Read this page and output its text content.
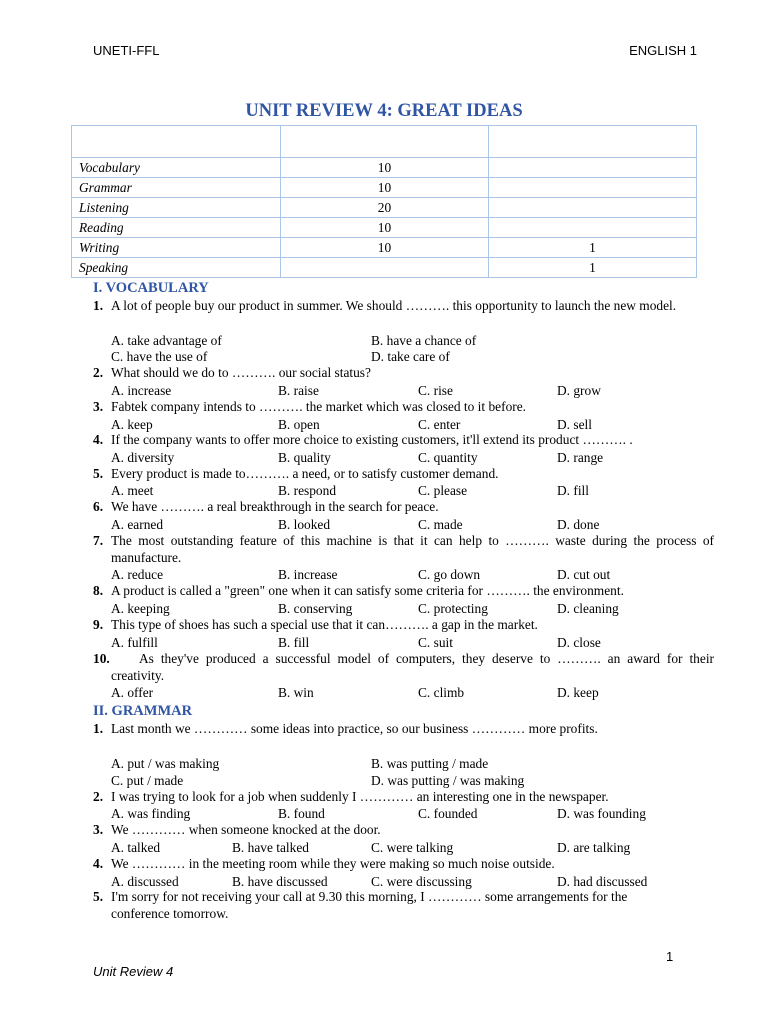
UNETI-FFL	ENGLISH 1
UNIT REVIEW 4: GREAT IDEAS

Vocabulary	10	
Grammar	10	
Listening	20	
Reading	10	
Writing	10	1
Speaking		1
I. VOCABULARY
1. A lot of people buy our product in summer. We should ………. this opportunity to launch the new model.
A. take advantage of	B. have a chance of
C. have the use of	D. take care of
2. What should we do to ………. our social status?
A. increase	B. raise	C. rise	D. grow
3. Fabtek company intends to ………. the market which was closed to it before.
A. keep	B. open	C. enter	D. sell
4. If the company wants to offer more choice to existing customers, it'll extend its product ………. .
A. diversity	B. quality	C. quantity	D. range
5. Every product is made to………. a need, or to satisfy customer demand.
A. meet	B. respond	C. please	D. fill
6. We have ………. a real breakthrough in the search for peace.
A. earned	B. looked	C. made	D. done
7. The most outstanding feature of this machine is that it can help to ………. waste during the process of manufacture.
A. reduce	B. increase	C. go down	D. cut out
8. A product is called a "green" one when it can satisfy some criteria for ………. the environment.
A. keeping	B. conserving	C. protecting	D. cleaning
9. This type of shoes has such a special use that it can………. a gap in the market.
A. fulfill	B. fill	C. suit	D. close
10.	As they've produced a successful model of computers, they deserve to ………. an award for their creativity.
A. offer	B. win	C. climb	D. keep
II. GRAMMAR
1. Last month we ………… some ideas into practice, so our business ………… more profits.
A. put / was making	B. was putting / made
C. put / made	D. was putting / was making
2. I was trying to look for a job when suddenly I ………… an interesting one in the newspaper.
A. was finding	B. found	C. founded	D. was founding
3. We ………… when someone knocked at the door.
A. talked	B. have talked	C. were talking	D. are talking
4. We ………… in the meeting room while they were making so much noise outside.
A. discussed	B. have discussed	C. were discussing	D. had discussed
5. I'm sorry for not receiving your call at 9.30 this morning, I ………… some arrangements for the conference tomorrow.
1
Unit Review 4
